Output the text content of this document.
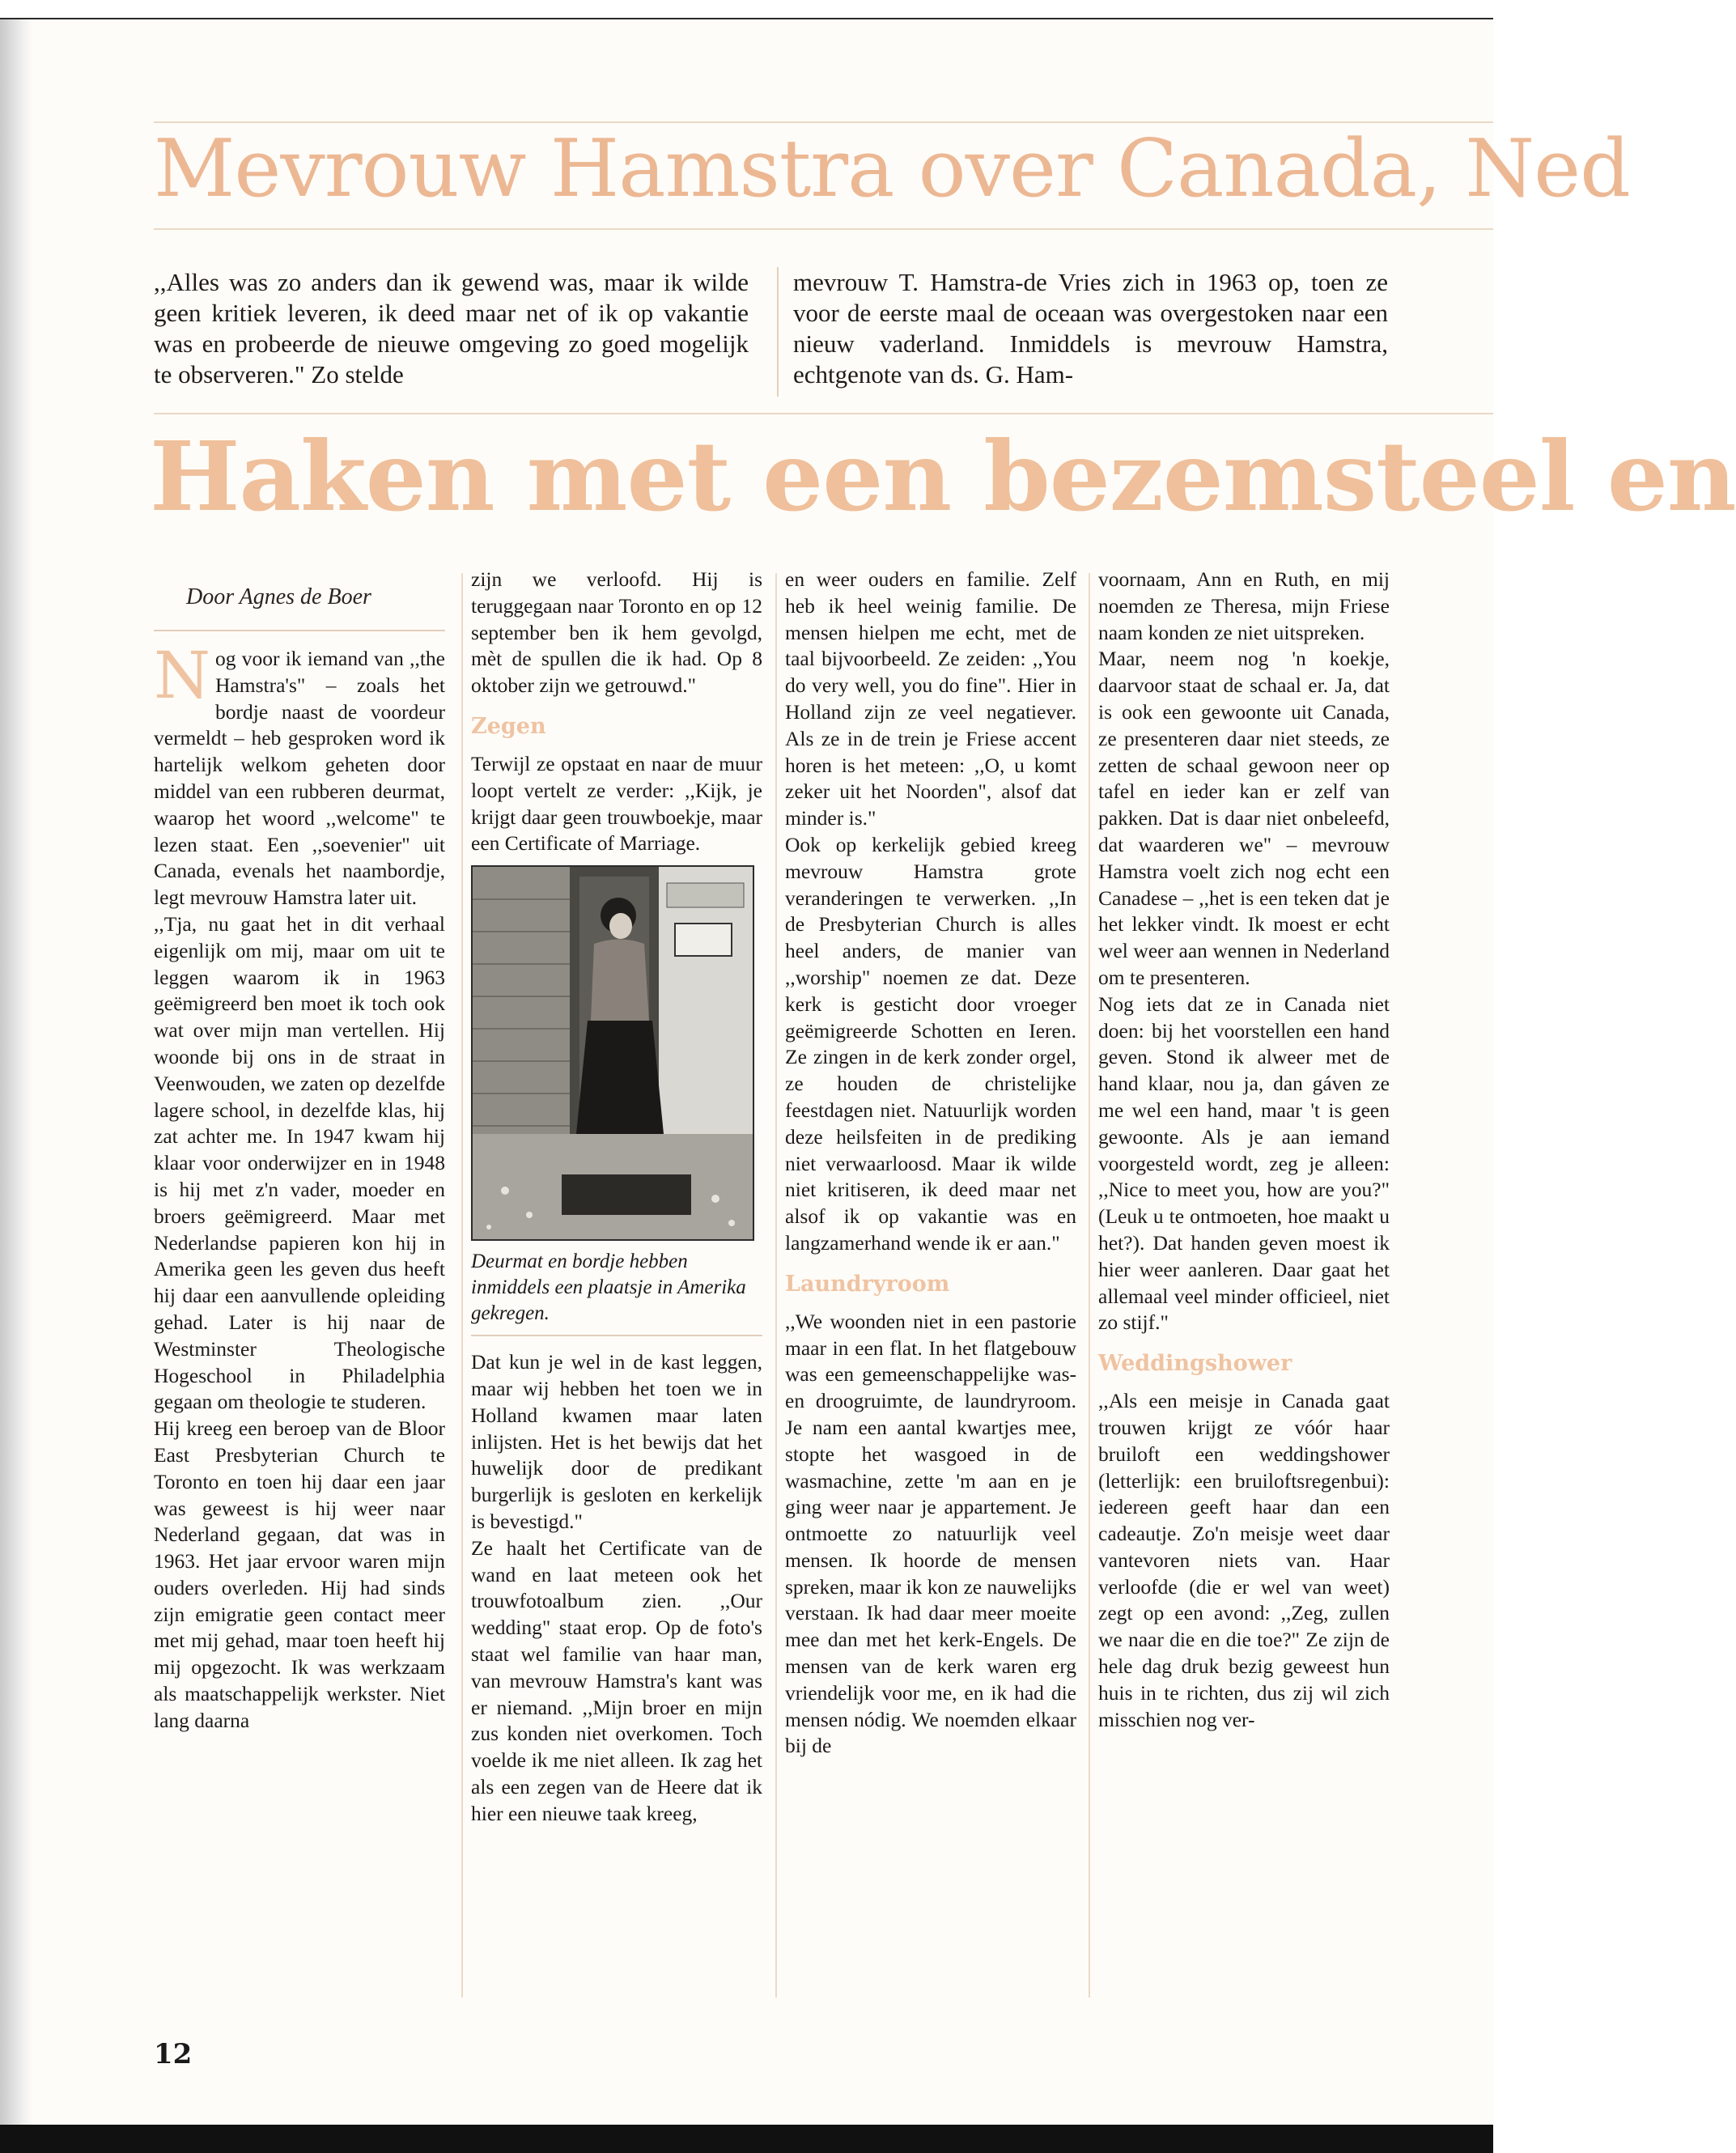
Mevrouw Hamstra over Canada, Ned
,,Alles was zo anders dan ik gewend was, maar ik wilde geen kritiek leveren, ik deed maar net of ik op vakantie was en probeerde de nieuwe omgeving zo goed mogelijk te observeren." Zo stelde
mevrouw T. Hamstra-de Vries zich in 1963 op, toen ze voor de eerste maal de oceaan was overgestoken naar een nieuw vaderland. Inmiddels is mevrouw Hamstra, echtgenote van ds. G. Ham-
Haken met een bezemsteel en
Door Agnes de Boer

Nog voor ik iemand van ,,the Hamstra's" – zoals het bordje naast de voordeur vermeldt – heb gesproken word ik hartelijk welkom geheten door middel van een rubberen deurmat, waarop het woord ,,welcome" te lezen staat. Een ,,soevenier" uit Canada, evenals het naambordje, legt mevrouw Hamstra later uit.

,,Tja, nu gaat het in dit verhaal eigenlijk om mij, maar om uit te leggen waarom ik in 1963 geëmigreerd ben moet ik toch ook wat over mijn man vertellen. Hij woonde bij ons in de straat in Veenwouden, we zaten op dezelfde lagere school, in dezelfde klas, hij zat achter me. In 1947 kwam hij klaar voor onderwijzer en in 1948 is hij met z'n vader, moeder en broers geëmigreerd. Maar met Nederlandse papieren kon hij in Amerika geen les geven dus heeft hij daar een aanvullende opleiding gehad. Later is hij naar de Westminster Theologische Hogeschool in Philadelphia gegaan om theologie te studeren.

Hij kreeg een beroep van de Bloor East Presbyterian Church te Toronto en toen hij daar een jaar was geweest is hij weer naar Nederland gegaan, dat was in 1963. Het jaar ervoor waren mijn ouders overleden. Hij had sinds zijn emigratie geen contact meer met mij gehad, maar toen heeft hij mij opgezocht. Ik was werkzaam als maatschappelijk werkster. Niet lang daarna

zijn we verloofd. Hij is teruggegaan naar Toronto en op 12 september ben ik hem gevolgd, mèt de spullen die ik had. Op 8 oktober zijn we getrouwd."

Zegen

Terwijl ze opstaat en naar de muur loopt vertelt ze verder: ,,Kijk, je krijgt daar geen trouwboekje, maar een Certificate of Marriage.

Deurmat en bordje hebben inmiddels een plaatsje in Amerika gekregen.

Dat kun je wel in de kast leggen, maar wij hebben het toen we in Holland kwamen maar laten inlijsten. Het is het bewijs dat het huwelijk door de predikant burgerlijk is gesloten en kerkelijk is bevestigd."

Ze haalt het Certificate van de wand en laat meteen ook het trouwfotoalbum zien. ,,Our wedding" staat erop. Op de foto's staat wel familie van haar man, van mevrouw Hamstra's kant was er niemand. ,,Mijn broer en mijn zus konden niet overkomen. Toch voelde ik me niet alleen. Ik zag het als een zegen van de Heere dat ik hier een nieuwe taak kreeg,

en weer ouders en familie. Zelf heb ik heel weinig familie. De mensen hielpen me echt, met de taal bijvoorbeeld. Ze zeiden: ,,You do very well, you do fine". Hier in Holland zijn ze veel negatiever. Als ze in de trein je Friese accent horen is het meteen: ,,O, u komt zeker uit het Noorden", alsof dat minder is."

Ook op kerkelijk gebied kreeg mevrouw Hamstra grote veranderingen te verwerken. ,,In de Presbyterian Church is alles heel anders, de manier van ,,worship" noemen ze dat. Deze kerk is gesticht door vroeger geëmigreerde Schotten en Ieren. Ze zingen in de kerk zonder orgel, ze houden de christelijke feestdagen niet. Natuurlijk worden deze heilsfeiten in de prediking niet verwaarloosd. Maar ik wilde niet kritiseren, ik deed maar net alsof ik op vakantie was en langzamerhand wende ik er aan."

Laundryroom

,,We woonden niet in een pastorie maar in een flat. In het flatgebouw was een gemeenschappelijke was- en droogruimte, de laundryroom. Je nam een aantal kwartjes mee, stopte het wasgoed in de wasmachine, zette 'm aan en je ging weer naar je appartement. Je ontmoette zo natuurlijk veel mensen. Ik hoorde de mensen spreken, maar ik kon ze nauwelijks verstaan. Ik had daar meer moeite mee dan met het kerk-Engels. De mensen van de kerk waren erg vriendelijk voor me, en ik had die mensen nódig. We noemden elkaar bij de

voornaam, Ann en Ruth, en mij noemden ze Theresa, mijn Friese naam konden ze niet uitspreken.

Maar, neem nog 'n koekje, daarvoor staat de schaal er. Ja, dat is ook een gewoonte uit Canada, ze presenteren daar niet steeds, ze zetten de schaal gewoon neer op tafel en ieder kan er zelf van pakken. Dat is daar niet onbeleefd, dat waarderen we" – mevrouw Hamstra voelt zich nog echt een Canadese – ,,het is een teken dat je het lekker vindt. Ik moest er echt wel weer aan wennen in Nederland om te presenteren.

Nog iets dat ze in Canada niet doen: bij het voorstellen een hand geven. Stond ik alweer met de hand klaar, nou ja, dan gáven ze me wel een hand, maar 't is geen gewoonte. Als je aan iemand voorgesteld wordt, zeg je alleen: ,,Nice to meet you, how are you?" (Leuk u te ontmoeten, hoe maakt u het?). Dat handen geven moest ik hier weer aanleren. Daar gaat het allemaal veel minder officieel, niet zo stijf."

Weddingshower

,,Als een meisje in Canada gaat trouwen krijgt ze vóór haar bruiloft een weddingshower (letterlijk: een bruiloftsregenbui): iedereen geeft haar dan een cadeautje. Zo'n meisje weet daar vantevoren niets van. Haar verloofde (die er wel van weet) zegt op een avond: ,,Zeg, zullen we naar die en die toe?" Ze zijn de hele dag druk bezig geweest hun huis in te richten, dus zij wil zich misschien nog ver-

12
